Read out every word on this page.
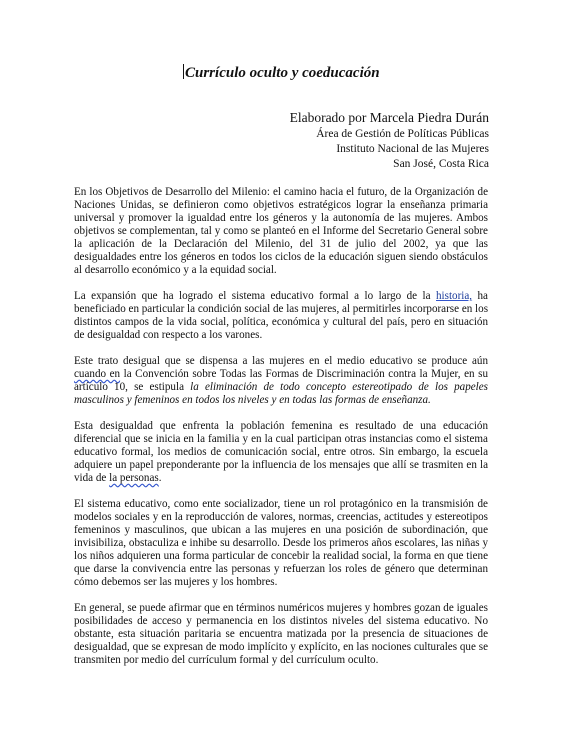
Currículo oculto y coeducación
Elaborado por Marcela Piedra Durán
Área de Gestión de Políticas Públicas
Instituto Nacional de las Mujeres
San José, Costa Rica

En los Objetivos de Desarrollo del Milenio: el camino hacia el futuro, de la Organización de Naciones Unidas, se definieron como objetivos estratégicos lograr la enseñanza primaria universal y promover la igualdad entre los géneros y la autonomía de las mujeres. Ambos objetivos se complementan, tal y como se planteó en el Informe del Secretario General sobre la aplicación de la Declaración del Milenio, del 31 de julio del 2002, ya que las desigualdades entre los géneros en todos los ciclos de la educación siguen siendo obstáculos al desarrollo económico y a la equidad social.

La expansión que ha logrado el sistema educativo formal a lo largo de la historia, ha beneficiado en particular la condición social de las mujeres, al permitirles incorporarse en los distintos campos de la vida social, política, económica y cultural del país, pero en situación de desigualdad con respecto a los varones.

Este trato desigual que se dispensa a las mujeres en el medio educativo se produce aún cuando en la Convención sobre Todas las Formas de Discriminación contra la Mujer, en su artículo 10, se estipula la eliminación de todo concepto estereotipado de los papeles masculinos y femeninos en todos los niveles y en todas las formas de enseñanza.

Esta desigualdad que enfrenta la población femenina es resultado de una educación diferencial que se inicia en la familia y en la cual participan otras instancias como el sistema educativo formal, los medios de comunicación social, entre otros. Sin embargo, la escuela adquiere un papel preponderante por la influencia de los mensajes que allí se trasmiten en la vida de la personas.

El sistema educativo, como ente socializador, tiene un rol protagónico en la transmisión de modelos sociales y en la reproducción de valores, normas, creencias, actitudes y estereotipos femeninos y masculinos, que ubican a las mujeres en una posición de subordinación, que invisibiliza, obstaculiza e inhibe su desarrollo. Desde los primeros años escolares, las niñas y los niños adquieren una forma particular de concebir la realidad social, la forma en que tiene que darse la convivencia entre las personas y refuerzan los roles de género que determinan cómo debemos ser las mujeres y los hombres.

En general, se puede afirmar que en términos numéricos mujeres y hombres gozan de iguales posibilidades de acceso y permanencia en los distintos niveles del sistema educativo. No obstante, esta situación paritaria se encuentra matizada por la presencia de situaciones de desigualdad, que se expresan de modo implícito y explícito, en las nociones culturales que se transmiten por medio del currículum formal y del currículum oculto.
